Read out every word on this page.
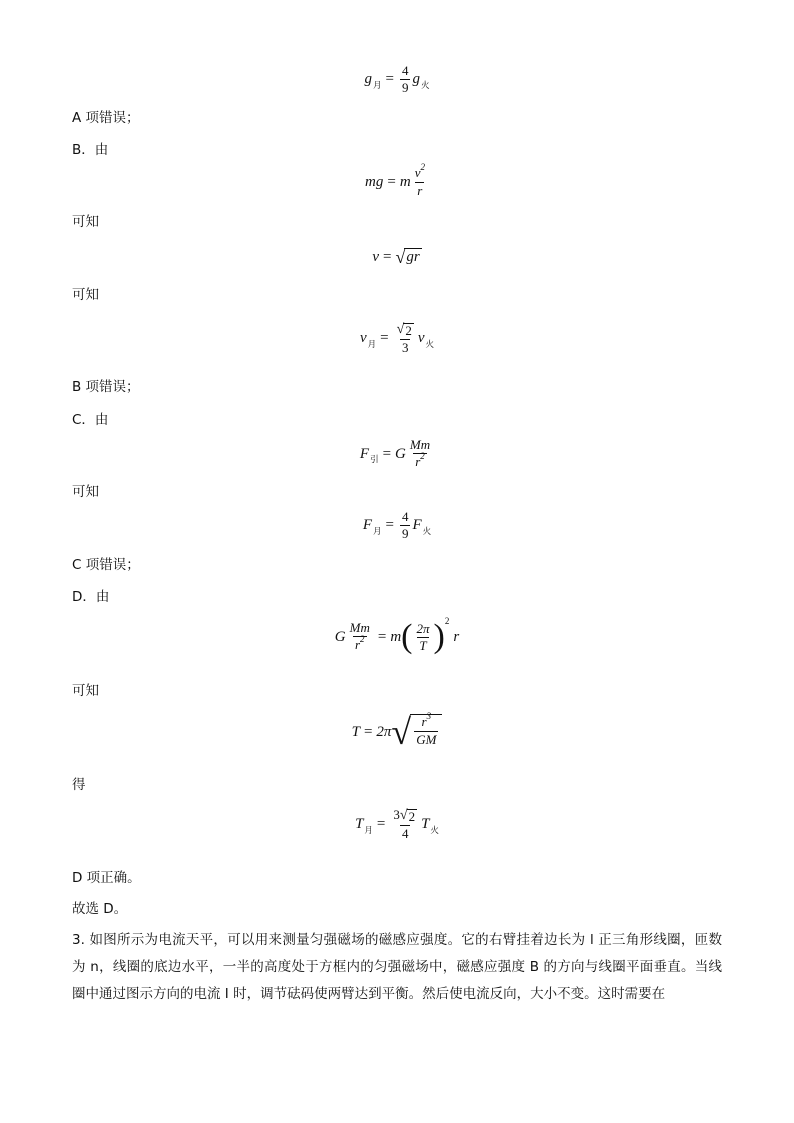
g 月 = $\frac{4}{9}$ g 火
A 项错误；
B．由
m g = m $\frac{v^2}{r}$
可知
v = √ gr
可知
v 月 = $\frac{√ 2}{3}$ v 火
B 项错误；
C．由
F 引 = G $\frac{Mm}{r^2}$
可知
F 月 = $\frac{4}{9}$ F 火
C 项错误；
D．由
G $\frac{Mm}{r^2} = m$ ( $\frac{2\pi}{T}$ ) 2
r
可知
T = 2π √ $\frac{r^3}{GM}$
得
T 月 = $\frac{3 √ 2}{4}$ T 火
D 项正确。
故选 D。
3. 如图所示为电流天平，可以用来测量匀强磁场的磁感应强度。它的右臂挂着边长为 l 正三角形线圈，匝数为 n，线圈的底边水平，一半的高度处于方框内的匀强磁场中，磁感应强度 B 的方向与线圈平面垂直。当线圈中通过图示方向的电流 I 时，调节砝码使两臂达到平衡。然后使电流反向，大小不变。这时需要在
